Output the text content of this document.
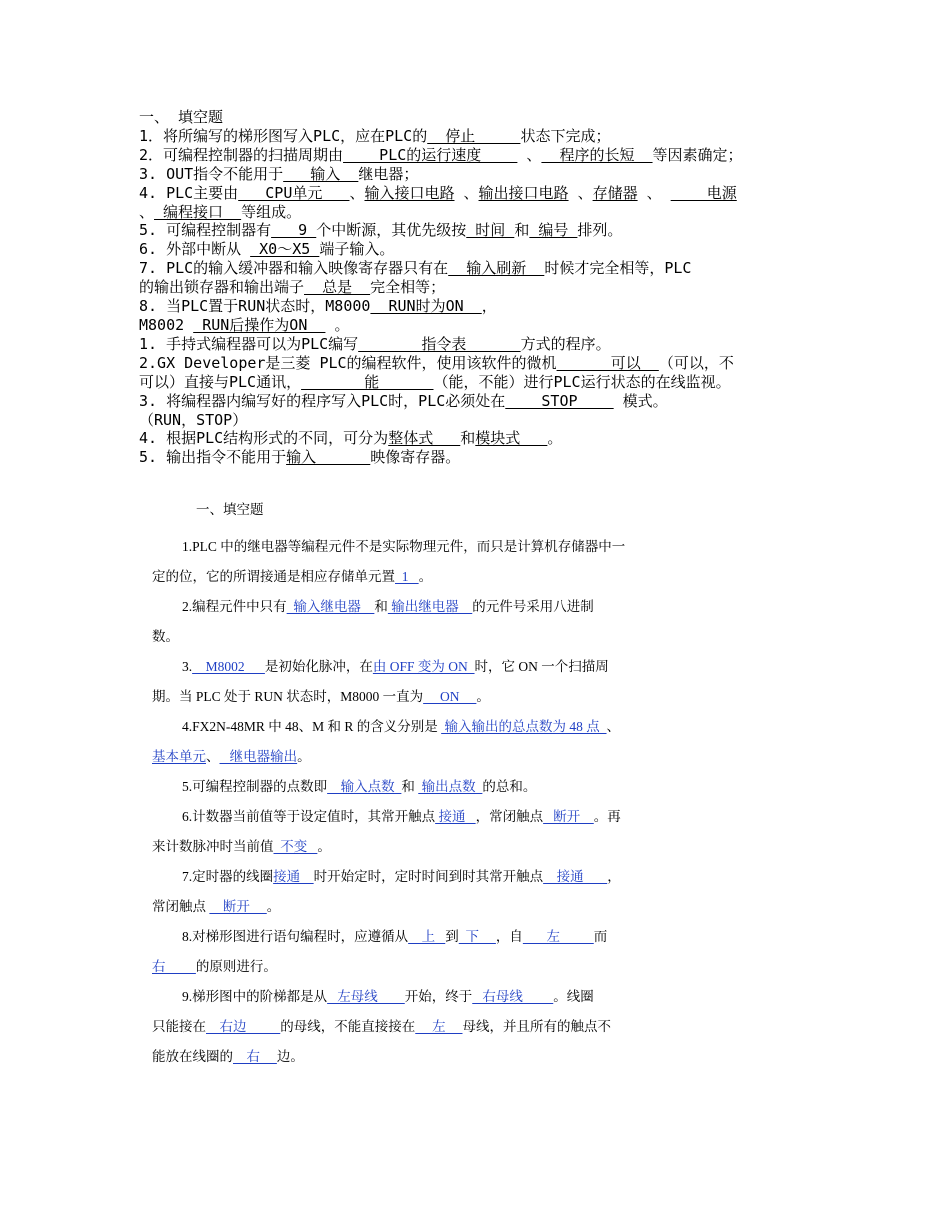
一、 填空题

1．将所编写的梯形图写入PLC，应在PLC的  停止     状态下完成；

2．可编程控制器的扫描周期由    PLC的运行速度     、  程序的长短  等因素确定；

3. OUT指令不能用于   输入  继电器；

4. PLC主要由   CPU单元   、输入接口电路 、输出接口电路 、存储器 、     电源

、 编程接口  等组成。

5. 可编程控制器有   9 个中断源，其优先级按 时间 和 编号 排列。

6. 外部中断从  X0～X5 端子输入。

7. PLC的输入缓冲器和输入映像寄存器只有在  输入刷新  时候才完全相等，PLC

的输出锁存器和输出端子  总是  完全相等；

8. 当PLC置于RUN状态时，M8000  RUN时为ON  ，

M8002  RUN后操作为ON   。

1. 手持式编程器可以为PLC编写       指令表      方式的程序。

2.GX Developer是三菱 PLC的编程软件，使用该软件的微机      可以  （可以，不

可以）直接与PLC通讯，       能      （能，不能）进行PLC运行状态的在线监视。

3. 将编程器内编写好的程序写入PLC时，PLC必须处在    STOP     模式。

（RUN，STOP）

4. 根据PLC结构形式的不同，可分为整体式   和模块式   。

5. 输出指令不能用于输入      映像寄存器。

一、填空题

1.PLC 中的继电器等编程元件不是实际物理元件，而只是计算机存储器中一

定的位，它的所谓接通是相应存储单元置  1   。

2.编程元件中只有  输入继电器    和 输出继电器    的元件号采用八进制

数。

3.    M8002      是初始化脉冲，在由 OFF 变为 ON  时，它 ON 一个扫描周

期。当 PLC 处于 RUN 状态时，M8000 一直为     ON     。

4.FX2N-48MR 中 48、M 和 R 的含义分别是  输入输出的总点数为 48 点  、

基本单元、   继电器输出。

5.可编程控制器的点数即    输入点数  和  输出点数  的总和。

6.计数器当前值等于设定值时，其常开触点 接通   ，常闭触点   断开    。再

来计数脉冲时当前值  不变   。

7.定时器的线圈接通    时开始定时，定时时间到时其常开触点    接通       ，

常闭触点     断开     。

8.对梯形图进行语句编程时，应遵循从    上   到  下     ，自       左          而

右         的原则进行。

9.梯形图中的阶梯都是从   左母线        开始，终于   右母线         。线圈

只能接在    右边          的母线，不能直接接在     左     母线，并且所有的触点不

能放在线圈的    右     边。
